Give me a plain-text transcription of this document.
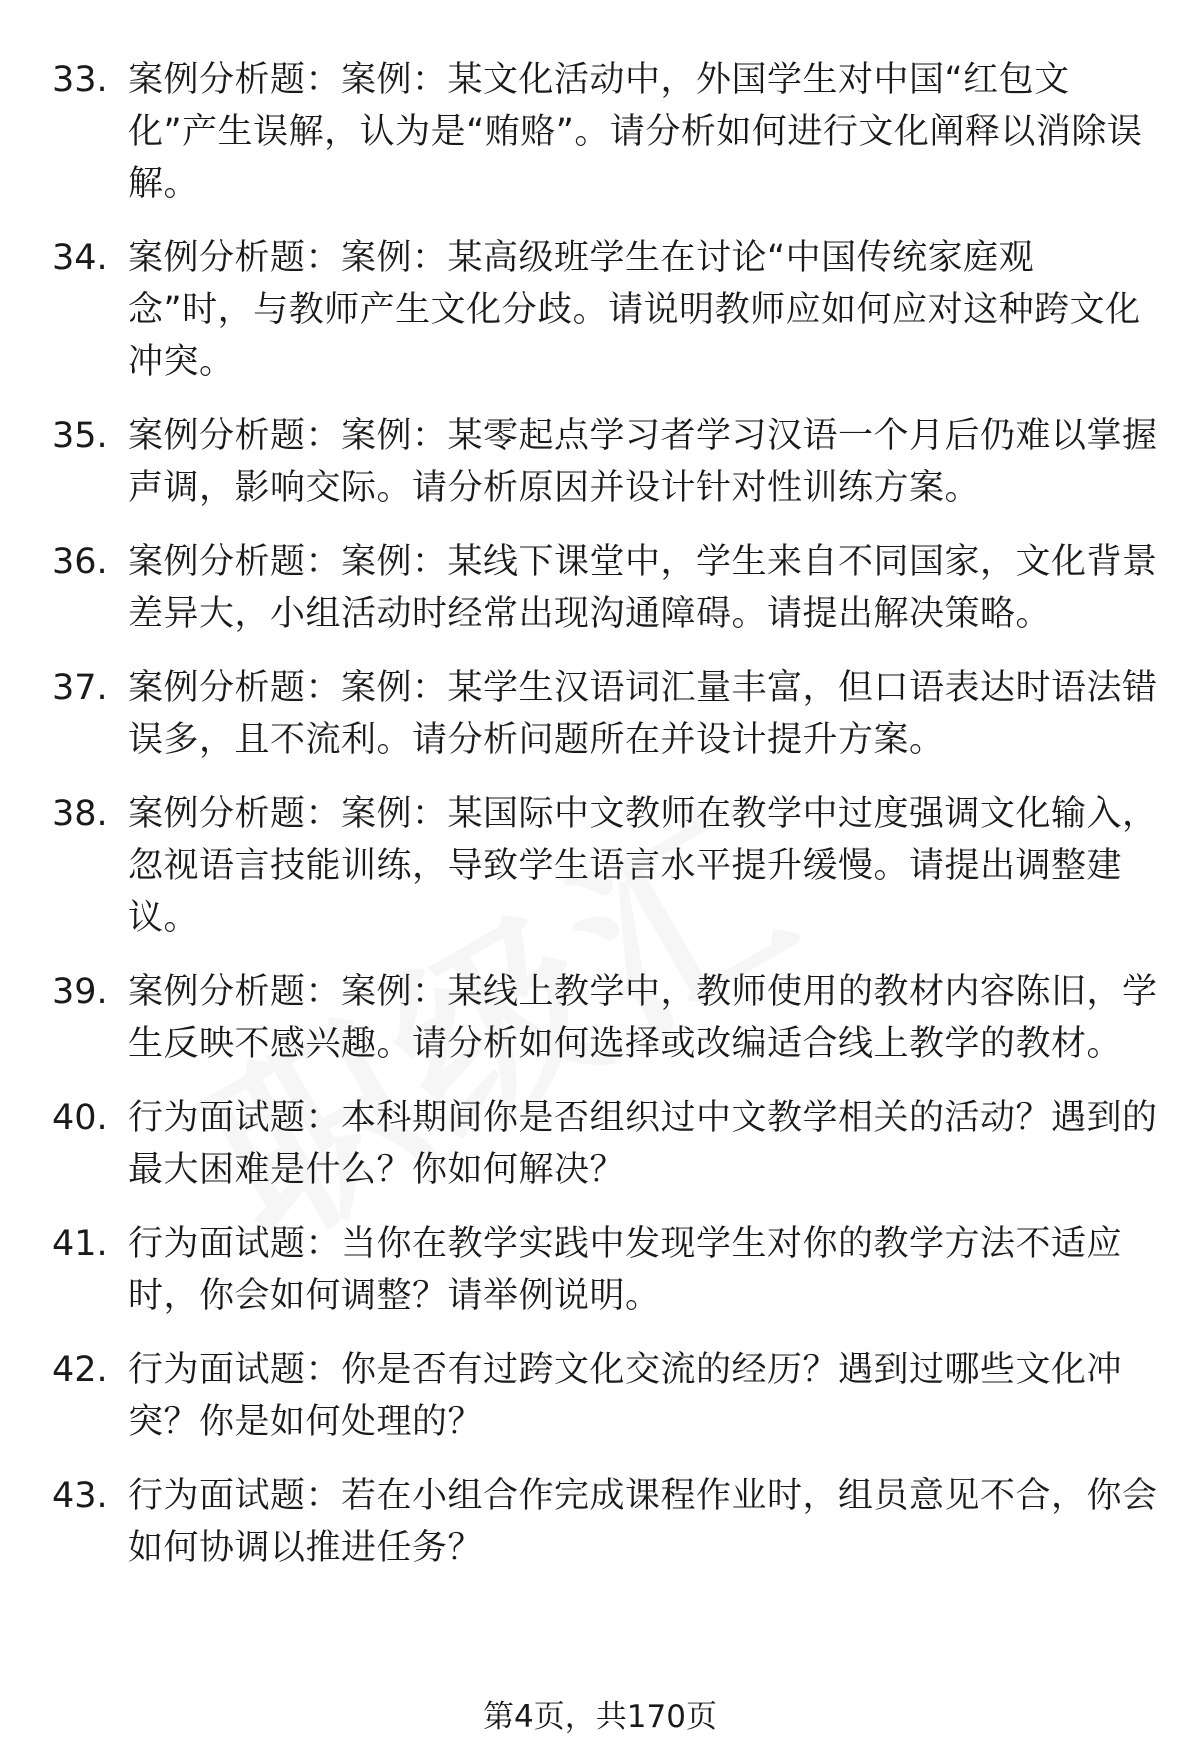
33. 案例分析题：案例：某文化活动中，外国学生对中国“红包文化”产生误解，认为是“贿赂”。请分析如何进行文化阐释以消除误解。
34. 案例分析题：案例：某高级班学生在讨论“中国传统家庭观念”时，与教师产生文化分歧。请说明教师应如何应对这种跨文化冲突。
35. 案例分析题：案例：某零起点学习者学习汉语一个月后仍难以掌握声调，影响交际。请分析原因并设计针对性训练方案。
36. 案例分析题：案例：某线下课堂中，学生来自不同国家，文化背景差异大，小组活动时经常出现沟通障碍。请提出解决策略。
37. 案例分析题：案例：某学生汉语词汇量丰富，但口语表达时语法错误多，且不流利。请分析问题所在并设计提升方案。
38. 案例分析题：案例：某国际中文教师在教学中过度强调文化输入，忽视语言技能训练，导致学生语言水平提升缓慢。请提出调整建议。
39. 案例分析题：案例：某线上教学中，教师使用的教材内容陈旧，学生反映不感兴趣。请分析如何选择或改编适合线上教学的教材。
40. 行为面试题：本科期间你是否组织过中文教学相关的活动？遇到的最大困难是什么？你如何解决？
41. 行为面试题：当你在教学实践中发现学生对你的教学方法不适应时，你会如何调整？请举例说明。
42. 行为面试题：你是否有过跨文化交流的经历？遇到过哪些文化冲突？你是如何处理的？
43. 行为面试题：若在小组合作完成课程作业时，组员意见不合，你会如何协调以推进任务？
第4页，共170页
